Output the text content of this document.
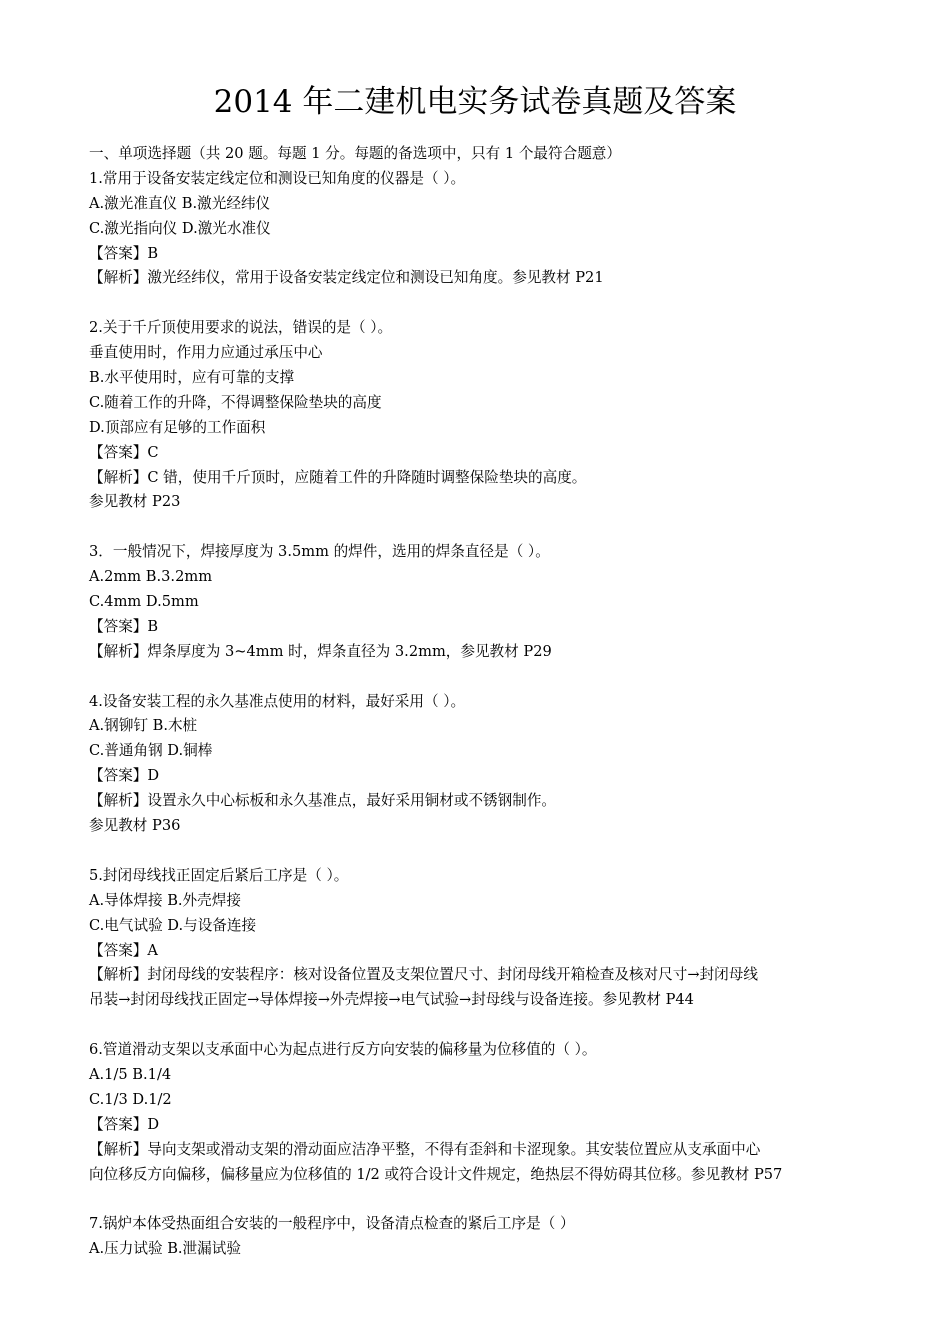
2014 年二建机电实务试卷真题及答案
一、单项选择题（共 20 题。每题 1 分。每题的备选项中，只有 1 个最符合题意）
1.常用于设备安装定线定位和测设已知角度的仪器是（ ）。
A.激光准直仪 B.激光经纬仪
C.激光指向仪 D.激光水准仪
【答案】B
【解析】激光经纬仪，常用于设备安装定线定位和测设已知角度。参见教材 P21
2.关于千斤顶使用要求的说法，错误的是（ ）。
垂直使用时，作用力应通过承压中心
B.水平使用时，应有可靠的支撑
C.随着工作的升降，不得调整保险垫块的高度
D.顶部应有足够的工作面积
【答案】C
【解析】C 错，使用千斤顶时，应随着工件的升降随时调整保险垫块的高度。
参见教材 P23
3．一般情况下，焊接厚度为 3.5mm 的焊件，选用的焊条直径是（ ）。
A.2mm B.3.2mm
C.4mm D.5mm
【答案】B
【解析】焊条厚度为 3~4mm 时，焊条直径为 3.2mm，参见教材 P29
4.设备安装工程的永久基准点使用的材料，最好采用（ ）。
A.钢铆钉 B.木桩
C.普通角钢 D.铜棒
【答案】D
【解析】设置永久中心标板和永久基准点，最好采用铜材或不锈钢制作。
参见教材 P36
5.封闭母线找正固定后紧后工序是（ ）。
A.导体焊接 B.外壳焊接
C.电气试验 D.与设备连接
【答案】A
【解析】封闭母线的安装程序：核对设备位置及支架位置尺寸、封闭母线开箱检查及核对尺寸→封闭母线
吊装→封闭母线找正固定→导体焊接→外壳焊接→电气试验→封母线与设备连接。参见教材 P44
6.管道滑动支架以支承面中心为起点进行反方向安装的偏移量为位移值的（ ）。
A.1/5 B.1/4
C.1/3 D.1/2
【答案】D
【解析】导向支架或滑动支架的滑动面应洁净平整，不得有歪斜和卡涩现象。其安装位置应从支承面中心
向位移反方向偏移，偏移量应为位移值的 1/2 或符合设计文件规定，绝热层不得妨碍其位移。参见教材 P57
7.锅炉本体受热面组合安装的一般程序中，设备清点检查的紧后工序是（ ）
A.压力试验 B.泄漏试验
